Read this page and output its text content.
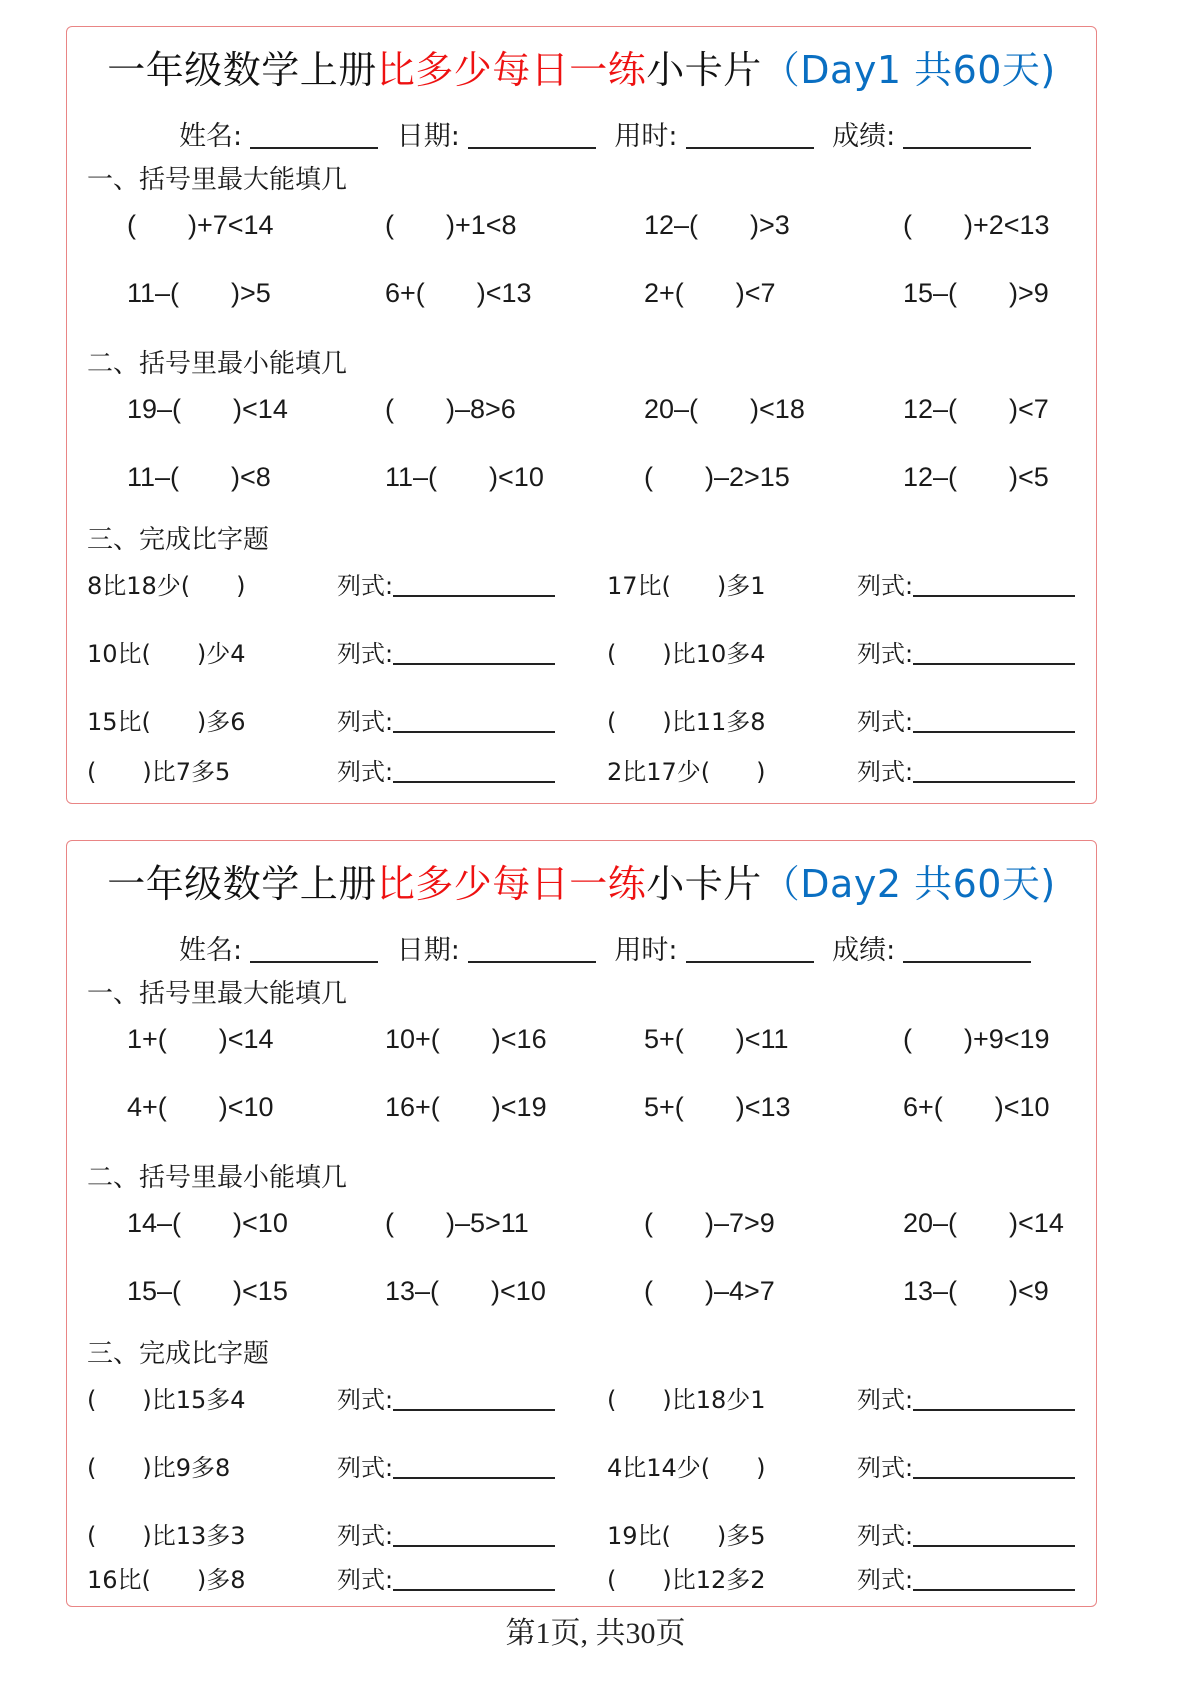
一年级数学上册比多少每日一练小卡片（Day1 共60天)
姓名:	日期:	用时:	成绩:
一、括号里最大能填几
( )+7<14	( )+1<8	12–( )>3	( )+2<13
11–( )>5	6+( )<13	2+( )<7	15–( )>9
二、括号里最小能填几
19–( )<14	( )–8>6	20–( )<18	12–( )<7
11–( )<8	11–( )<10	( )–2>15	12–( )<5
三、完成比字题
8比18少( )	列式:	17比( )多1	列式:
10比( )少4	列式:	( )比10多4	列式:
15比( )多6	列式:	( )比11多8	列式:
( )比7多5	列式:	2比17少( )	列式:
一年级数学上册比多少每日一练小卡片（Day2 共60天)
姓名:	日期:	用时:	成绩:
一、括号里最大能填几
1+( )<14	10+( )<16	5+( )<11	( )+9<19
4+( )<10	16+( )<19	5+( )<13	6+( )<10
二、括号里最小能填几
14–( )<10	( )–5>11	( )–7>9	20–( )<14
15–( )<15	13–( )<10	( )–4>7	13–( )<9
三、完成比字题
( )比15多4	列式:	( )比18少1	列式:
( )比9多8	列式:	4比14少( )	列式:
( )比13多3	列式:	19比( )多5	列式:
16比( )多8	列式:	( )比12多2	列式:
第1页, 共30页
